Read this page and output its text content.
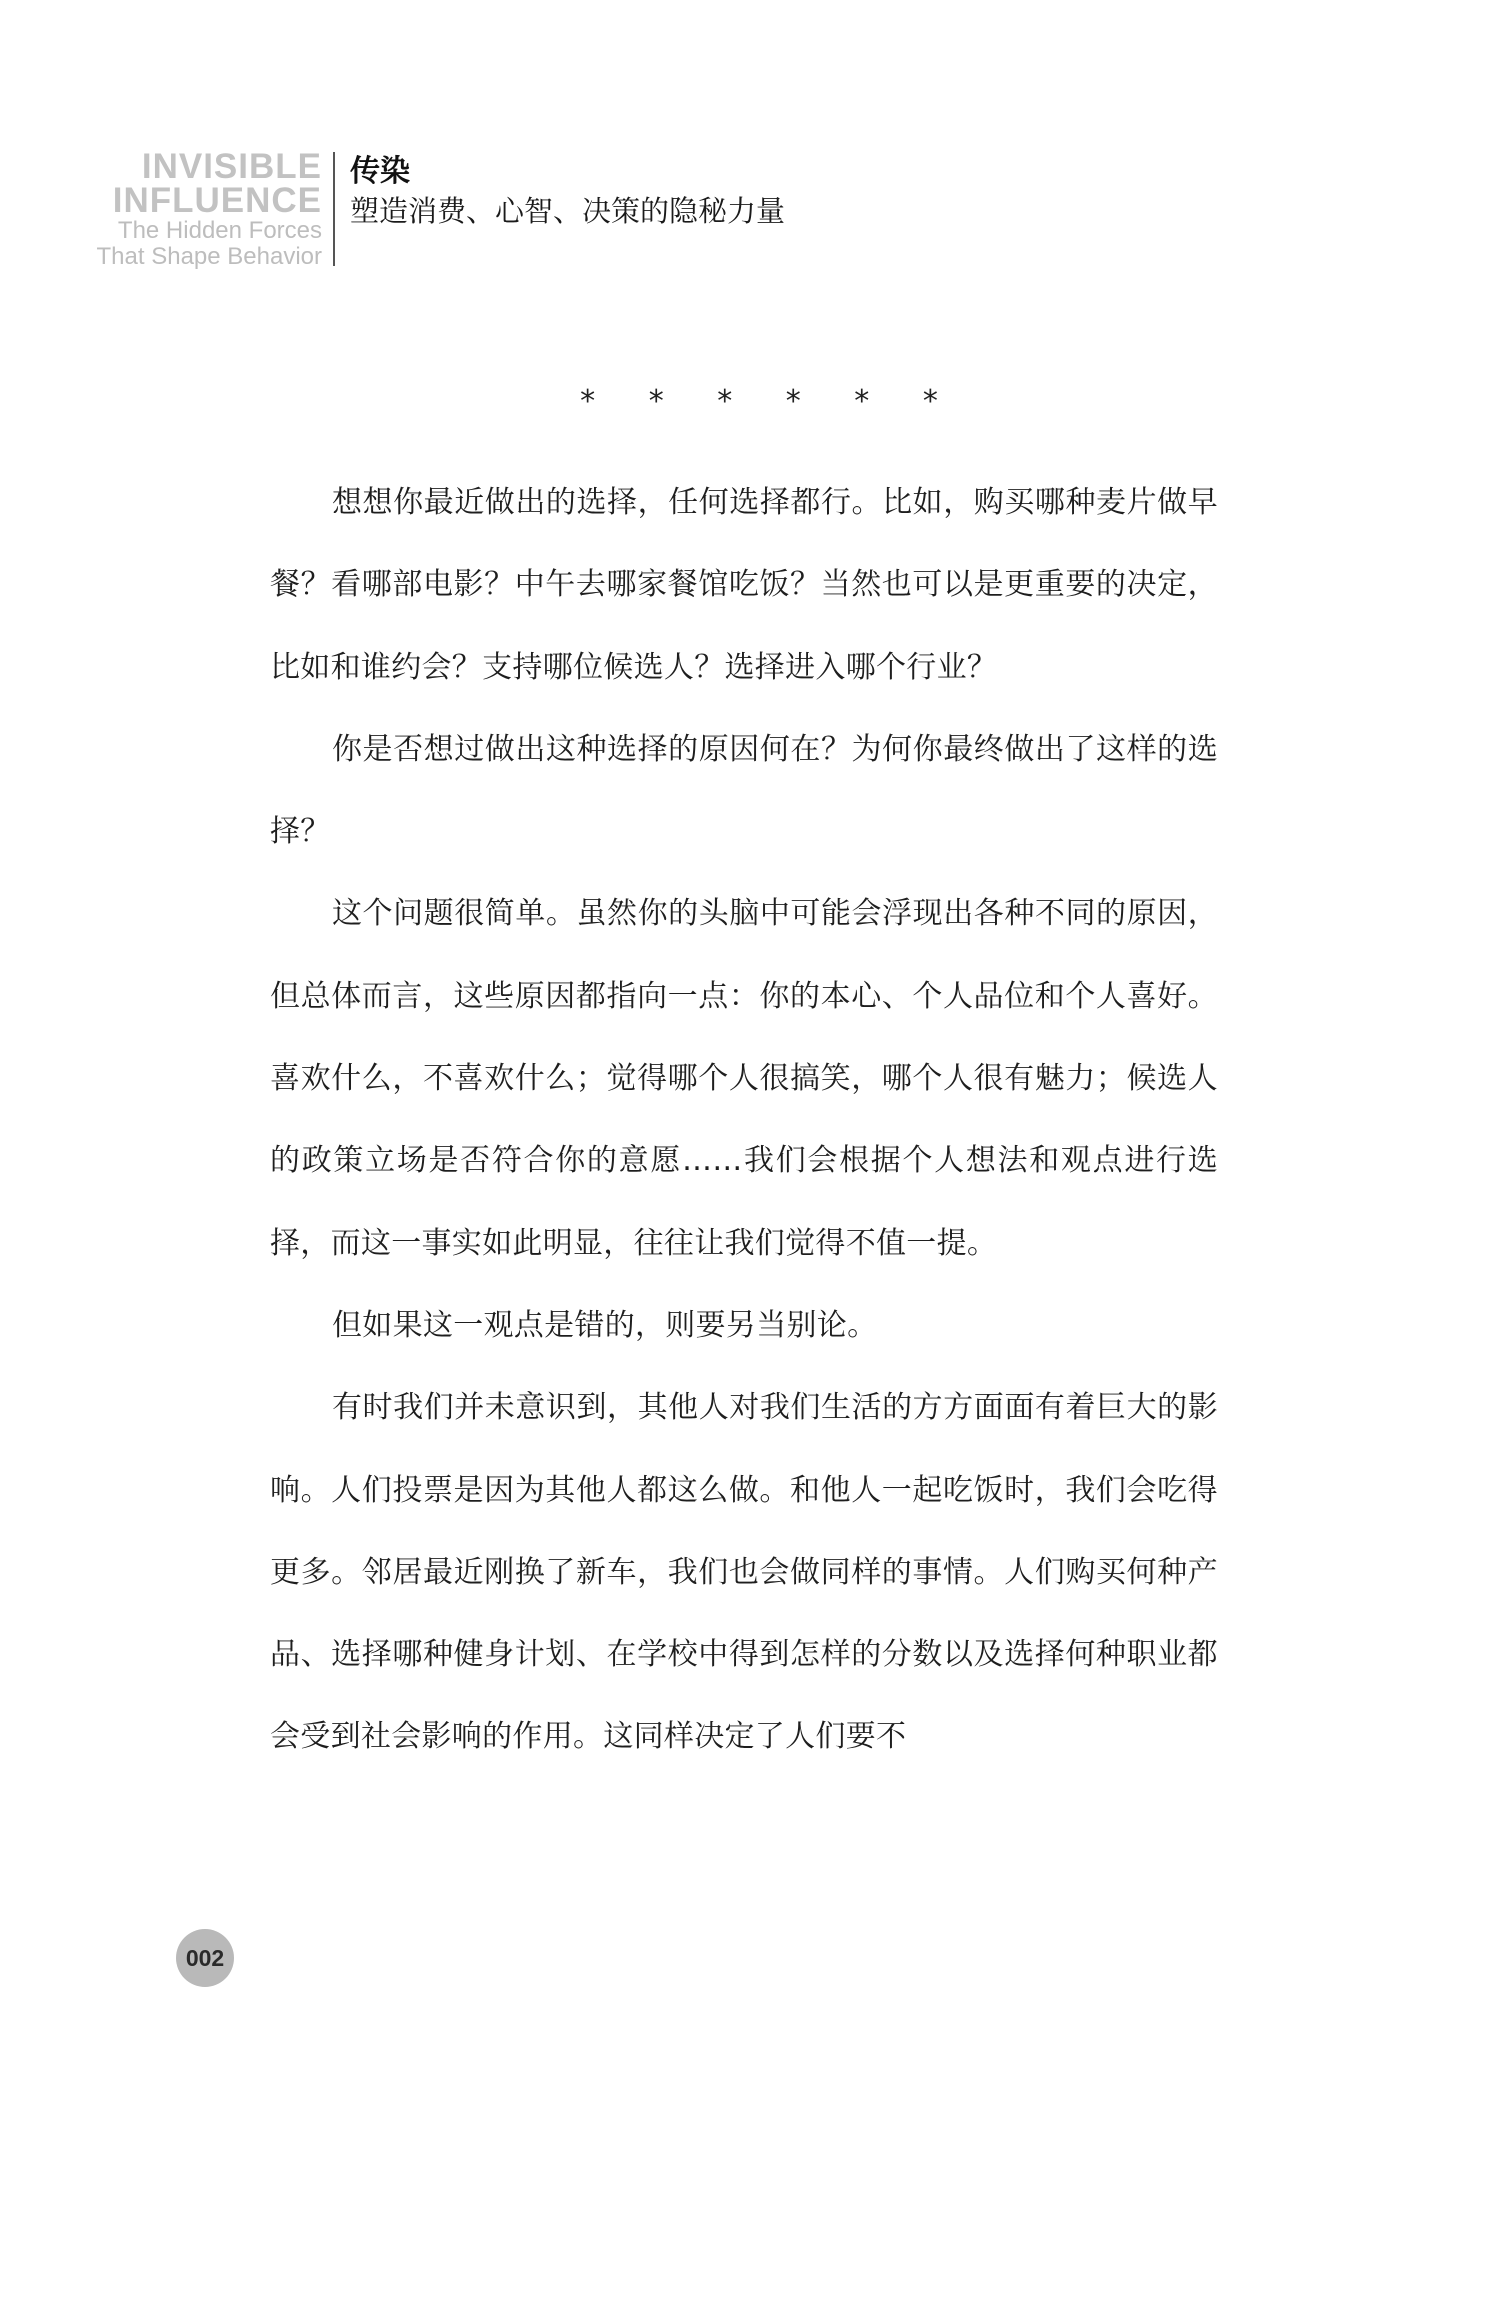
INVISIBLE
INFLUENCE
The Hidden Forces
That Shape Behavior
传染
塑造消费、心智、决策的隐秘力量
* * * * * *

想想你最近做出的选择，任何选择都行。比如，购买哪种麦片做早餐？看哪部电影？中午去哪家餐馆吃饭？当然也可以是更重要的决定，比如和谁约会？支持哪位候选人？选择进入哪个行业？

你是否想过做出这种选择的原因何在？为何你最终做出了这样的选择？

这个问题很简单。虽然你的头脑中可能会浮现出各种不同的原因，但总体而言，这些原因都指向一点：你的本心、个人品位和个人喜好。喜欢什么，不喜欢什么；觉得哪个人很搞笑，哪个人很有魅力；候选人的政策立场是否符合你的意愿……我们会根据个人想法和观点进行选择，而这一事实如此明显，往往让我们觉得不值一提。

但如果这一观点是错的，则要另当别论。

有时我们并未意识到，其他人对我们生活的方方面面有着巨大的影响。人们投票是因为其他人都这么做。和他人一起吃饭时，我们会吃得更多。邻居最近刚换了新车，我们也会做同样的事情。人们购买何种产品、选择哪种健身计划、在学校中得到怎样的分数以及选择何种职业都会受到社会影响的作用。这同样决定了人们要不

002
